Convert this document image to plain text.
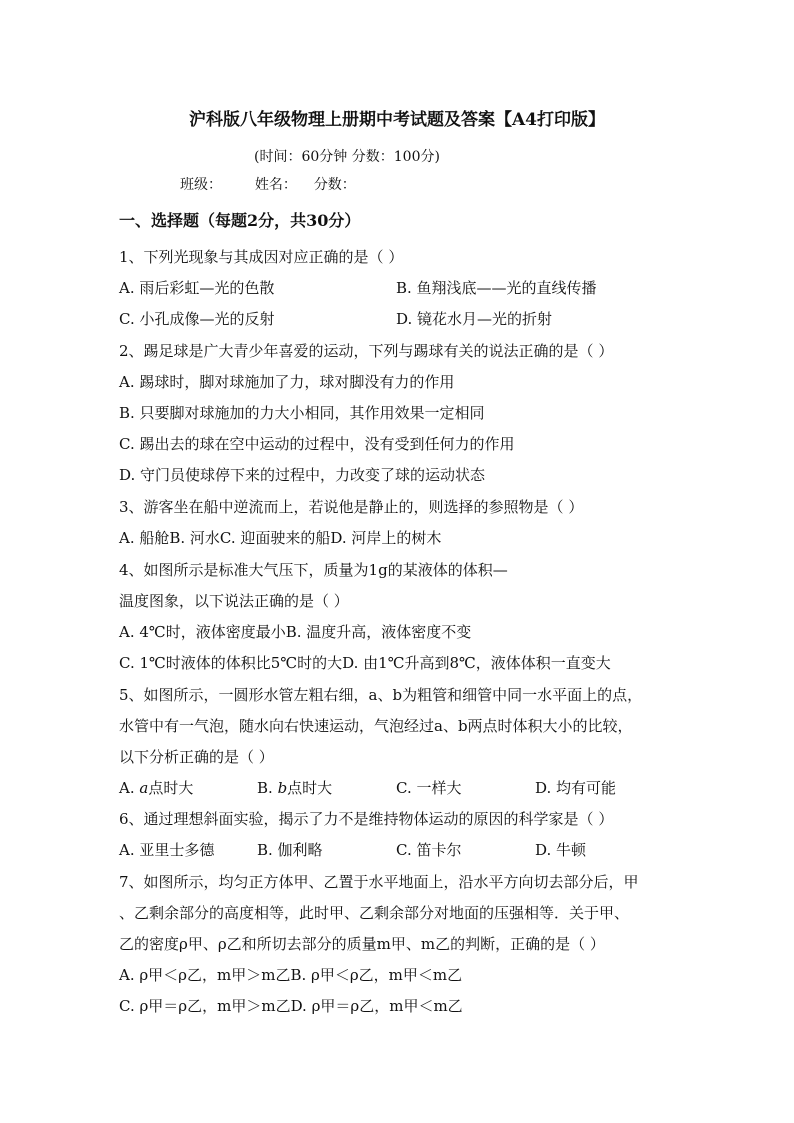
沪科版八年级物理上册期中考试题及答案【A4打印版】
(时间：60分钟 分数：100分)
班级： 姓名： 分数：
一、选择题（每题2分，共30分）
1、下列光现象与其成因对应正确的是（ ）
A. 雨后彩虹—光的色散	B. 鱼翔浅底——光的直线传播
C. 小孔成像—光的反射	D. 镜花水月—光的折射
2、踢足球是广大青少年喜爱的运动，下列与踢球有关的说法正确的是（ ）
A. 踢球时，脚对球施加了力，球对脚没有力的作用
B. 只要脚对球施加的力大小相同，其作用效果一定相同
C. 踢出去的球在空中运动的过程中，没有受到任何力的作用
D. 守门员使球停下来的过程中，力改变了球的运动状态
3、游客坐在船中逆流而上，若说他是静止的，则选择的参照物是（ ）
A. 船舱B. 河水C. 迎面驶来的船D. 河岸上的树木
4、如图所示是标准大气压下，质量为1g的某液体的体积—
温度图象，以下说法正确的是（ ）
A. 4℃时，液体密度最小B. 温度升高，液体密度不变
C. 1℃时液体的体积比5℃时的大D. 由1℃升高到8℃，液体体积一直变大
5、如图所示，一圆形水管左粗右细，a、b为粗管和细管中同一水平面上的点，
水管中有一气泡，随水向右快速运动，气泡经过a、b两点时体积大小的比较，
以下分析正确的是（ ）
A. a点时大	B. b点时大	C. 一样大	D. 均有可能
6、通过理想斜面实验，揭示了力不是维持物体运动的原因的科学家是（ ）
A. 亚里士多德	B. 伽利略	C. 笛卡尔	D. 牛顿
7、如图所示，均匀正方体甲、乙置于水平地面上，沿水平方向切去部分后，甲
、乙剩余部分的高度相等，此时甲、乙剩余部分对地面的压强相等．关于甲、
乙的密度ρ甲、ρ乙和所切去部分的质量m甲、m乙的判断，正确的是（ ）
A. ρ甲＜ρ乙，m甲＞m乙B. ρ甲＜ρ乙，m甲＜m乙
C. ρ甲＝ρ乙，m甲＞m乙D. ρ甲＝ρ乙，m甲＜m乙
